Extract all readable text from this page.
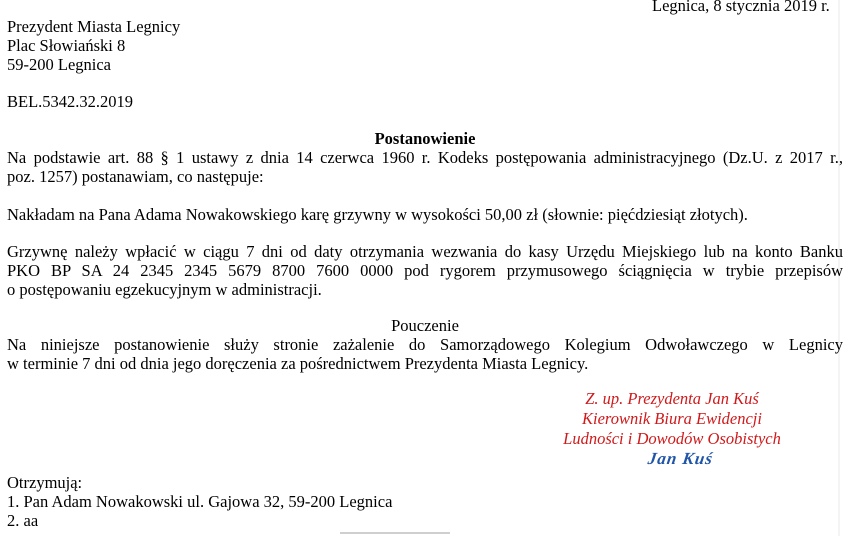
Legnica, 8 stycznia 2019 r.
Prezydent Miasta Legnicy
Plac Słowiański 8
59-200 Legnica
BEL.5342.32.2019
Postanowienie
Na podstawie art. 88 § 1 ustawy z dnia 14 czerwca 1960 r. Kodeks postępowania administracyjnego (Dz.U. z 2017 r.,
poz. 1257) postanawiam, co następuje:
Nakładam na Pana Adama Nowakowskiego karę grzywny w wysokości 50,00 zł (słownie: pięćdziesiąt złotych).
Grzywnę należy wpłacić w ciągu 7 dni od daty otrzymania wezwania do kasy Urzędu Miejskiego lub na konto Banku
PKO BP SA 24 2345 2345 5679 8700 7600 0000 pod rygorem przymusowego ściągnięcia w trybie przepisów
o postępowaniu egzekucyjnym w administracji.
Pouczenie
Na niniejsze postanowienie służy stronie zażalenie do Samorządowego Kolegium Odwoławczego w Legnicy
w terminie 7 dni od dnia jego doręczenia za pośrednictwem Prezydenta Miasta Legnicy.
Z. up. Prezydenta Jan Kuś
Kierownik Biura Ewidencji
Ludności i Dowodów Osobistych
Jan Kuś
Otrzymują:
1. Pan Adam Nowakowski ul. Gajowa 32, 59-200 Legnica
2. aa
